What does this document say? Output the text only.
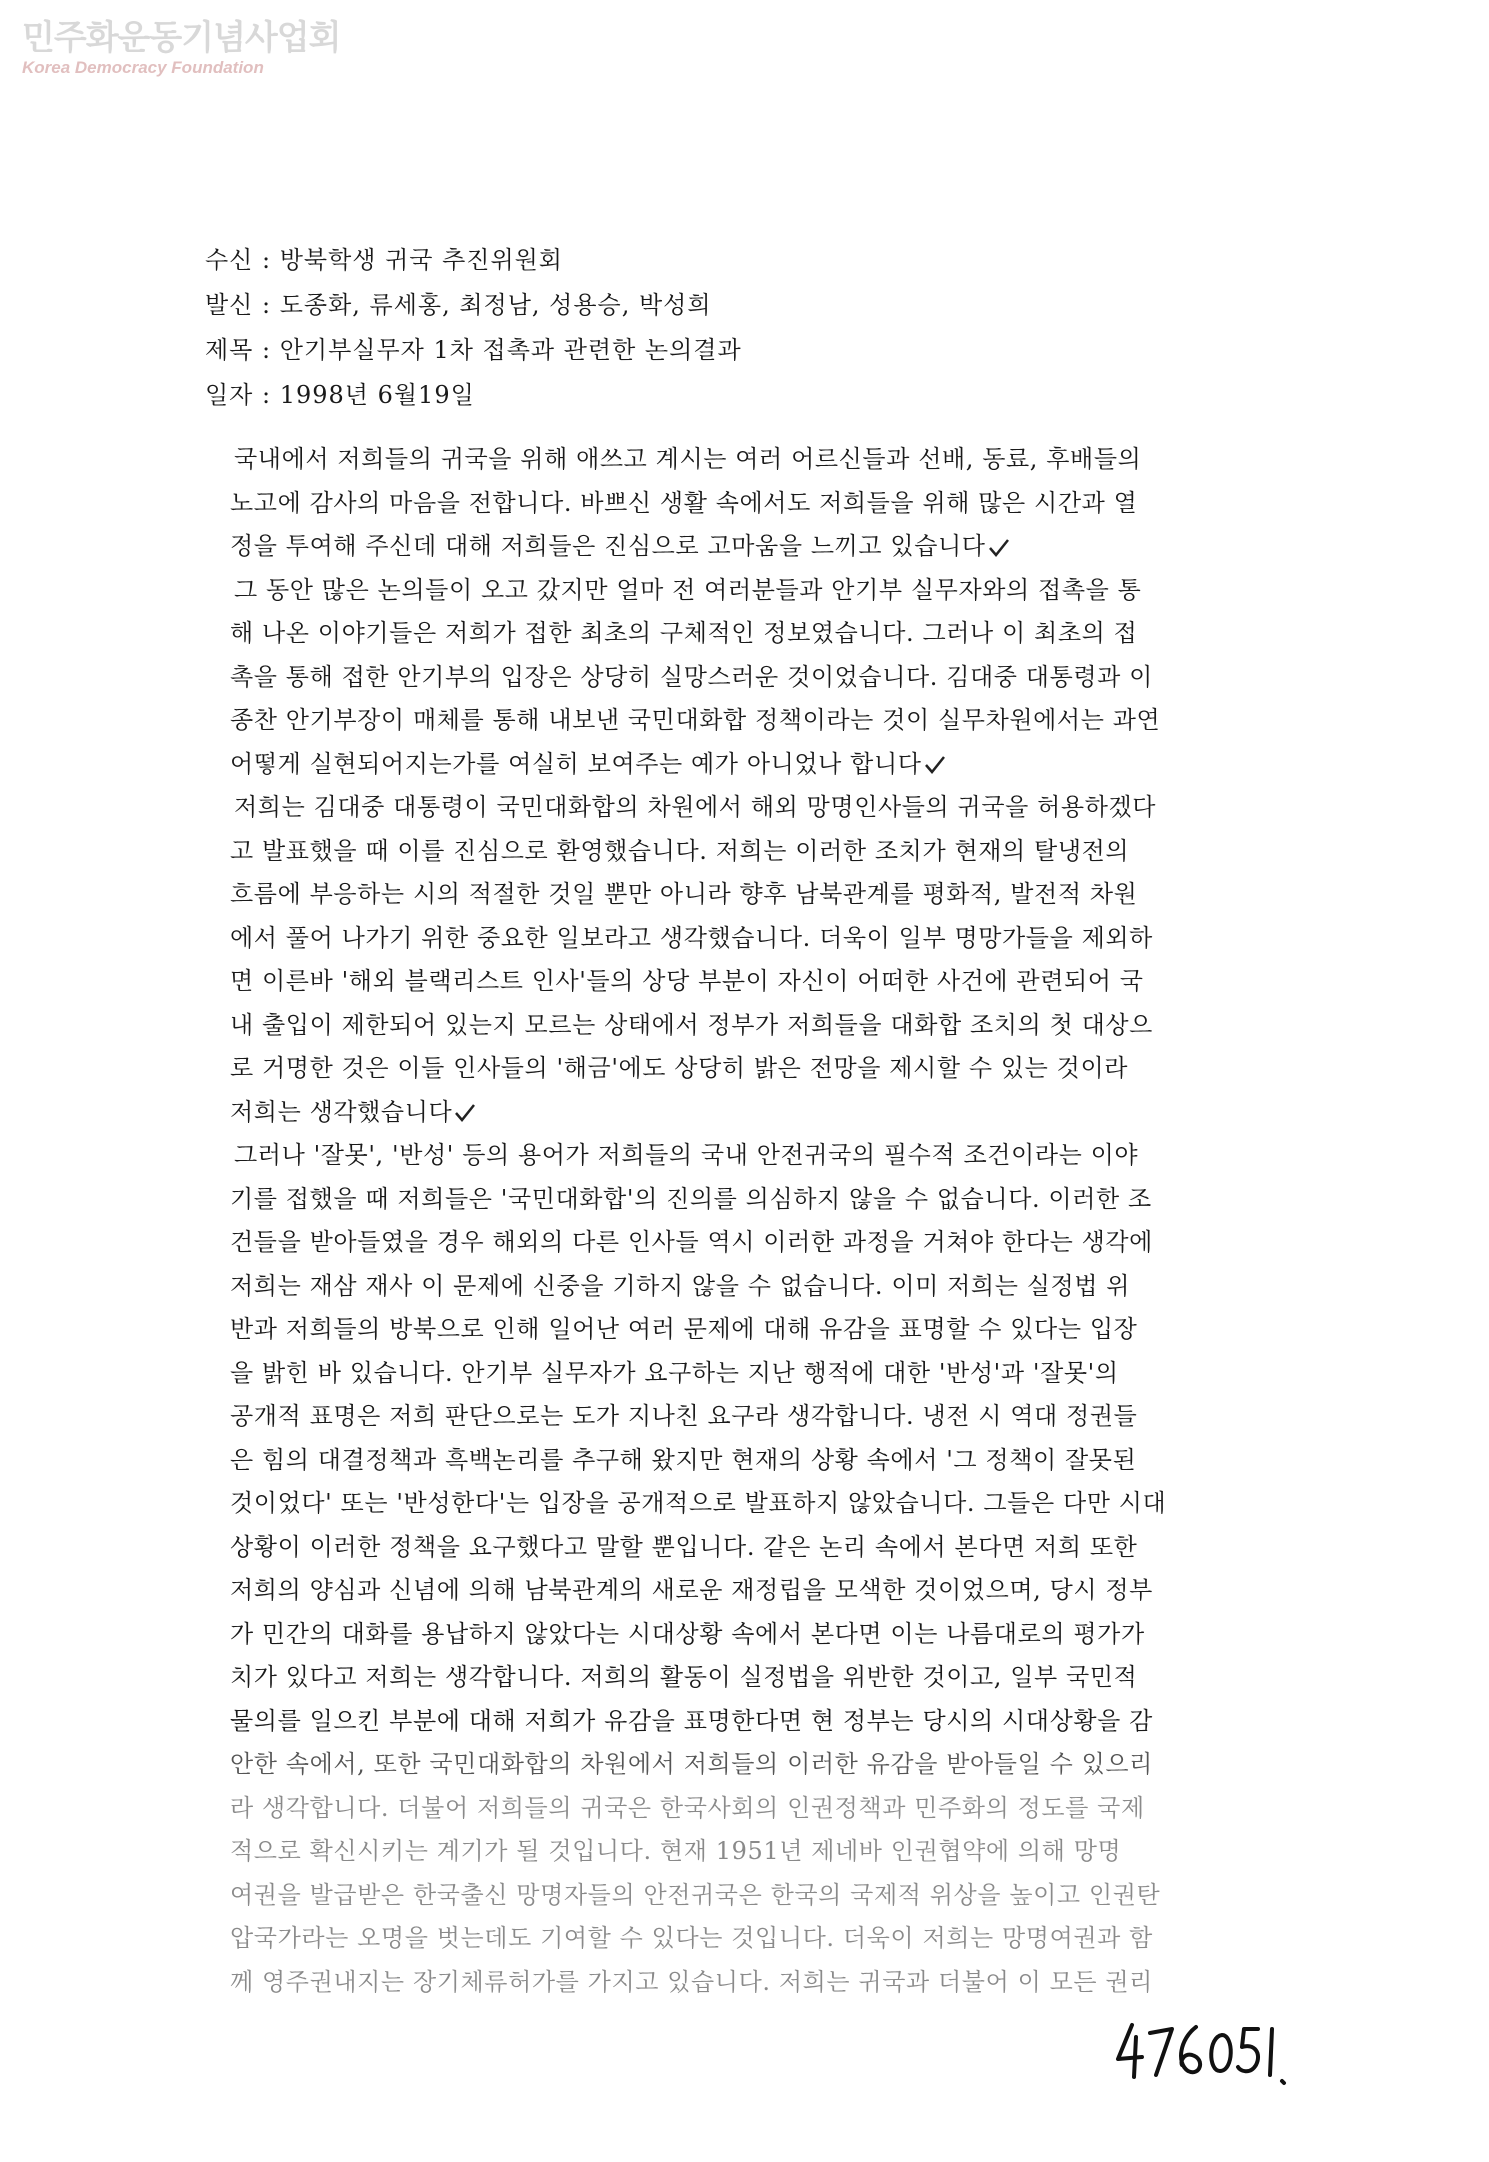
민주화운동기념사업회
Korea Democracy Foundation
수신 : 방북학생 귀국 추진위원회
발신 : 도종화, 류세홍, 최정남, 성용승, 박성희
제목 : 안기부실무자 1차 접촉과 관련한 논의결과
일자 : 1998년 6월19일
국내에서 저희들의 귀국을 위해 애쓰고 계시는 여러 어르신들과 선배, 동료, 후배들의
노고에 감사의 마음을 전합니다. 바쁘신 생활 속에서도 저희들을 위해 많은 시간과 열
정을 투여해 주신데 대해 저희들은 진심으로 고마움을 느끼고 있습니다
그 동안 많은 논의들이 오고 갔지만 얼마 전 여러분들과 안기부 실무자와의 접촉을 통
해 나온 이야기들은 저희가 접한 최초의 구체적인 정보였습니다. 그러나 이 최초의 접
촉을 통해 접한 안기부의 입장은 상당히 실망스러운 것이었습니다. 김대중 대통령과 이
종찬 안기부장이 매체를 통해 내보낸 국민대화합 정책이라는 것이 실무차원에서는 과연
어떻게 실현되어지는가를 여실히 보여주는 예가 아니었나 합니다
저희는 김대중 대통령이 국민대화합의 차원에서 해외 망명인사들의 귀국을 허용하겠다
고 발표했을 때 이를 진심으로 환영했습니다. 저희는 이러한 조치가 현재의 탈냉전의
흐름에 부응하는 시의 적절한 것일 뿐만 아니라 향후 남북관계를 평화적, 발전적 차원
에서 풀어 나가기 위한 중요한 일보라고 생각했습니다. 더욱이 일부 명망가들을 제외하
면 이른바 '해외 블랙리스트 인사'들의 상당 부분이 자신이 어떠한 사건에 관련되어 국
내 출입이 제한되어 있는지 모르는 상태에서 정부가 저희들을 대화합 조치의 첫 대상으
로 거명한 것은 이들 인사들의 '해금'에도 상당히 밝은 전망을 제시할 수 있는 것이라
저희는 생각했습니다
그러나 '잘못', '반성' 등의 용어가 저희들의 국내 안전귀국의 필수적 조건이라는 이야
기를 접했을 때 저희들은 '국민대화합'의 진의를 의심하지 않을 수 없습니다. 이러한 조
건들을 받아들였을 경우 해외의 다른 인사들 역시 이러한 과정을 거쳐야 한다는 생각에
저희는 재삼 재사 이 문제에 신중을 기하지 않을 수 없습니다. 이미 저희는 실정법 위
반과 저희들의 방북으로 인해 일어난 여러 문제에 대해 유감을 표명할 수 있다는 입장
을 밝힌 바 있습니다. 안기부 실무자가 요구하는 지난 행적에 대한 '반성'과 '잘못'의
공개적 표명은 저희 판단으로는 도가 지나친 요구라 생각합니다. 냉전 시 역대 정권들
은 힘의 대결정책과 흑백논리를 추구해 왔지만 현재의 상황 속에서 '그 정책이 잘못된
것이었다' 또는 '반성한다'는 입장을 공개적으로 발표하지 않았습니다. 그들은 다만 시대
상황이 이러한 정책을 요구했다고 말할 뿐입니다. 같은 논리 속에서 본다면 저희 또한
저희의 양심과 신념에 의해 남북관계의 새로운 재정립을 모색한 것이었으며, 당시 정부
가 민간의 대화를 용납하지 않았다는 시대상황 속에서 본다면 이는 나름대로의 평가가
치가 있다고 저희는 생각합니다. 저희의 활동이 실정법을 위반한 것이고, 일부 국민적
물의를 일으킨 부분에 대해 저희가 유감을 표명한다면 현 정부는 당시의 시대상황을 감
안한 속에서, 또한 국민대화합의 차원에서 저희들의 이러한 유감을 받아들일 수 있으리
라 생각합니다. 더불어 저희들의 귀국은 한국사회의 인권정책과 민주화의 정도를 국제
적으로 확신시키는 계기가 될 것입니다. 현재 1951년 제네바 인권협약에 의해 망명
여권을 발급받은 한국출신 망명자들의 안전귀국은 한국의 국제적 위상을 높이고 인권탄
압국가라는 오명을 벗는데도 기여할 수 있다는 것입니다. 더욱이 저희는 망명여권과 함
께 영주권내지는 장기체류허가를 가지고 있습니다. 저희는 귀국과 더불어 이 모든 권리
